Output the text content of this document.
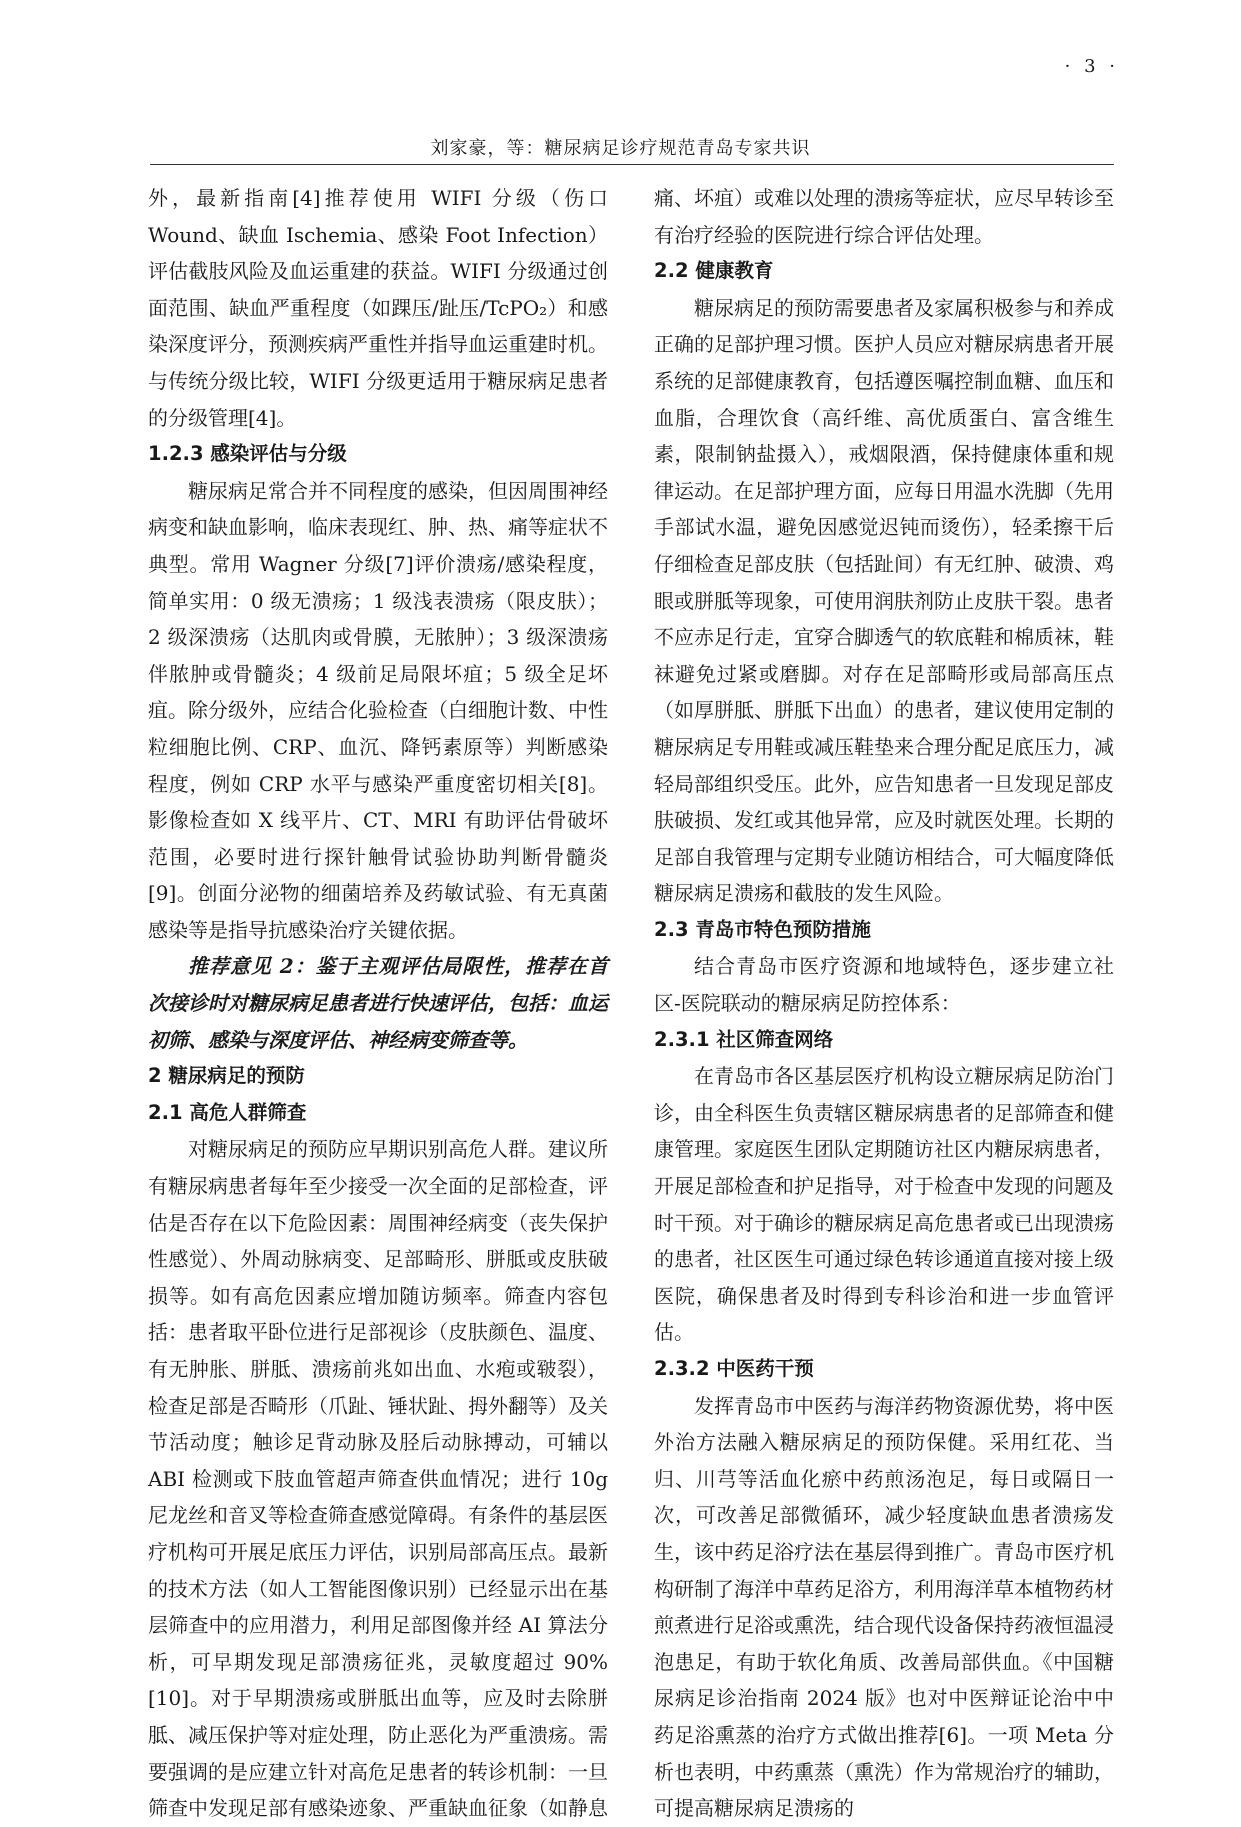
· 3 ·
刘家豪，等：糖尿病足诊疗规范青岛专家共识

外，最新指南[4]推荐使用 WIFI 分级（伤口 Wound、缺血 Ischemia、感染 Foot Infection）评估截肢风险及血运重建的获益。WIFI 分级通过创面范围、缺血严重程度（如踝压/趾压/TcPO₂）和感染深度评分，预测疾病严重性并指导血运重建时机。与传统分级比较，WIFI 分级更适用于糖尿病足患者的分级管理[4]。

1.2.3 感染评估与分级

糖尿病足常合并不同程度的感染，但因周围神经病变和缺血影响，临床表现红、肿、热、痛等症状不典型。常用 Wagner 分级[7]评价溃疡/感染程度，简单实用：0 级无溃疡；1 级浅表溃疡（限皮肤）；2 级深溃疡（达肌肉或骨膜，无脓肿）；3 级深溃疡伴脓肿或骨髓炎；4 级前足局限坏疽；5 级全足坏疽。除分级外，应结合化验检查（白细胞计数、中性粒细胞比例、CRP、血沉、降钙素原等）判断感染程度，例如 CRP 水平与感染严重度密切相关[8]。影像检查如 X 线平片、CT、MRI 有助评估骨破坏范围，必要时进行探针触骨试验协助判断骨髓炎[9]。创面分泌物的细菌培养及药敏试验、有无真菌感染等是指导抗感染治疗关键依据。

推荐意见 2：鉴于主观评估局限性，推荐在首次接诊时对糖尿病足患者进行快速评估，包括：血运初筛、感染与深度评估、神经病变筛查等。

2 糖尿病足的预防
2.1 高危人群筛查

对糖尿病足的预防应早期识别高危人群。建议所有糖尿病患者每年至少接受一次全面的足部检查，评估是否存在以下危险因素：周围神经病变（丧失保护性感觉）、外周动脉病变、足部畸形、胼胝或皮肤破损等。如有高危因素应增加随访频率。筛查内容包括：患者取平卧位进行足部视诊（皮肤颜色、温度、有无肿胀、胼胝、溃疡前兆如出血、水疱或皲裂），检查足部是否畸形（爪趾、锤状趾、拇外翻等）及关节活动度；触诊足背动脉及胫后动脉搏动，可辅以 ABI 检测或下肢血管超声筛查供血情况；进行 10g 尼龙丝和音叉等检查筛查感觉障碍。有条件的基层医疗机构可开展足底压力评估，识别局部高压点。最新的技术方法（如人工智能图像识别）已经显示出在基层筛查中的应用潜力，利用足部图像并经 AI 算法分析，可早期发现足部溃疡征兆，灵敏度超过 90%[10]。对于早期溃疡或胼胝出血等，应及时去除胼胝、减压保护等对症处理，防止恶化为严重溃疡。需要强调的是应建立针对高危足患者的转诊机制：一旦筛查中发现足部有感染迹象、严重缺血征象（如静息

痛、坏疽）或难以处理的溃疡等症状，应尽早转诊至有治疗经验的医院进行综合评估处理。

2.2 健康教育

糖尿病足的预防需要患者及家属积极参与和养成正确的足部护理习惯。医护人员应对糖尿病患者开展系统的足部健康教育，包括遵医嘱控制血糖、血压和血脂，合理饮食（高纤维、高优质蛋白、富含维生素，限制钠盐摄入），戒烟限酒，保持健康体重和规律运动。在足部护理方面，应每日用温水洗脚（先用手部试水温，避免因感觉迟钝而烫伤），轻柔擦干后仔细检查足部皮肤（包括趾间）有无红肿、破溃、鸡眼或胼胝等现象，可使用润肤剂防止皮肤干裂。患者不应赤足行走，宜穿合脚透气的软底鞋和棉质袜，鞋袜避免过紧或磨脚。对存在足部畸形或局部高压点（如厚胼胝、胼胝下出血）的患者，建议使用定制的糖尿病足专用鞋或减压鞋垫来合理分配足底压力，减轻局部组织受压。此外，应告知患者一旦发现足部皮肤破损、发红或其他异常，应及时就医处理。长期的足部自我管理与定期专业随访相结合，可大幅度降低糖尿病足溃疡和截肢的发生风险。

2.3 青岛市特色预防措施

结合青岛市医疗资源和地域特色，逐步建立社区-医院联动的糖尿病足防控体系：

2.3.1 社区筛查网络

在青岛市各区基层医疗机构设立糖尿病足防治门诊，由全科医生负责辖区糖尿病患者的足部筛查和健康管理。家庭医生团队定期随访社区内糖尿病患者，开展足部检查和护足指导，对于检查中发现的问题及时干预。对于确诊的糖尿病足高危患者或已出现溃疡的患者，社区医生可通过绿色转诊通道直接对接上级医院，确保患者及时得到专科诊治和进一步血管评估。

2.3.2 中医药干预

发挥青岛市中医药与海洋药物资源优势，将中医外治方法融入糖尿病足的预防保健。采用红花、当归、川芎等活血化瘀中药煎汤泡足，每日或隔日一次，可改善足部微循环，减少轻度缺血患者溃疡发生，该中药足浴疗法在基层得到推广。青岛市医疗机构研制了海洋中草药足浴方，利用海洋草本植物药材煎煮进行足浴或熏洗，结合现代设备保持药液恒温浸泡患足，有助于软化角质、改善局部供血。《中国糖尿病足诊治指南 2024 版》也对中医辩证论治中中药足浴熏蒸的治疗方式做出推荐[6]。一项 Meta 分析也表明，中药熏蒸（熏洗）作为常规治疗的辅助，可提高糖尿病足溃疡的
